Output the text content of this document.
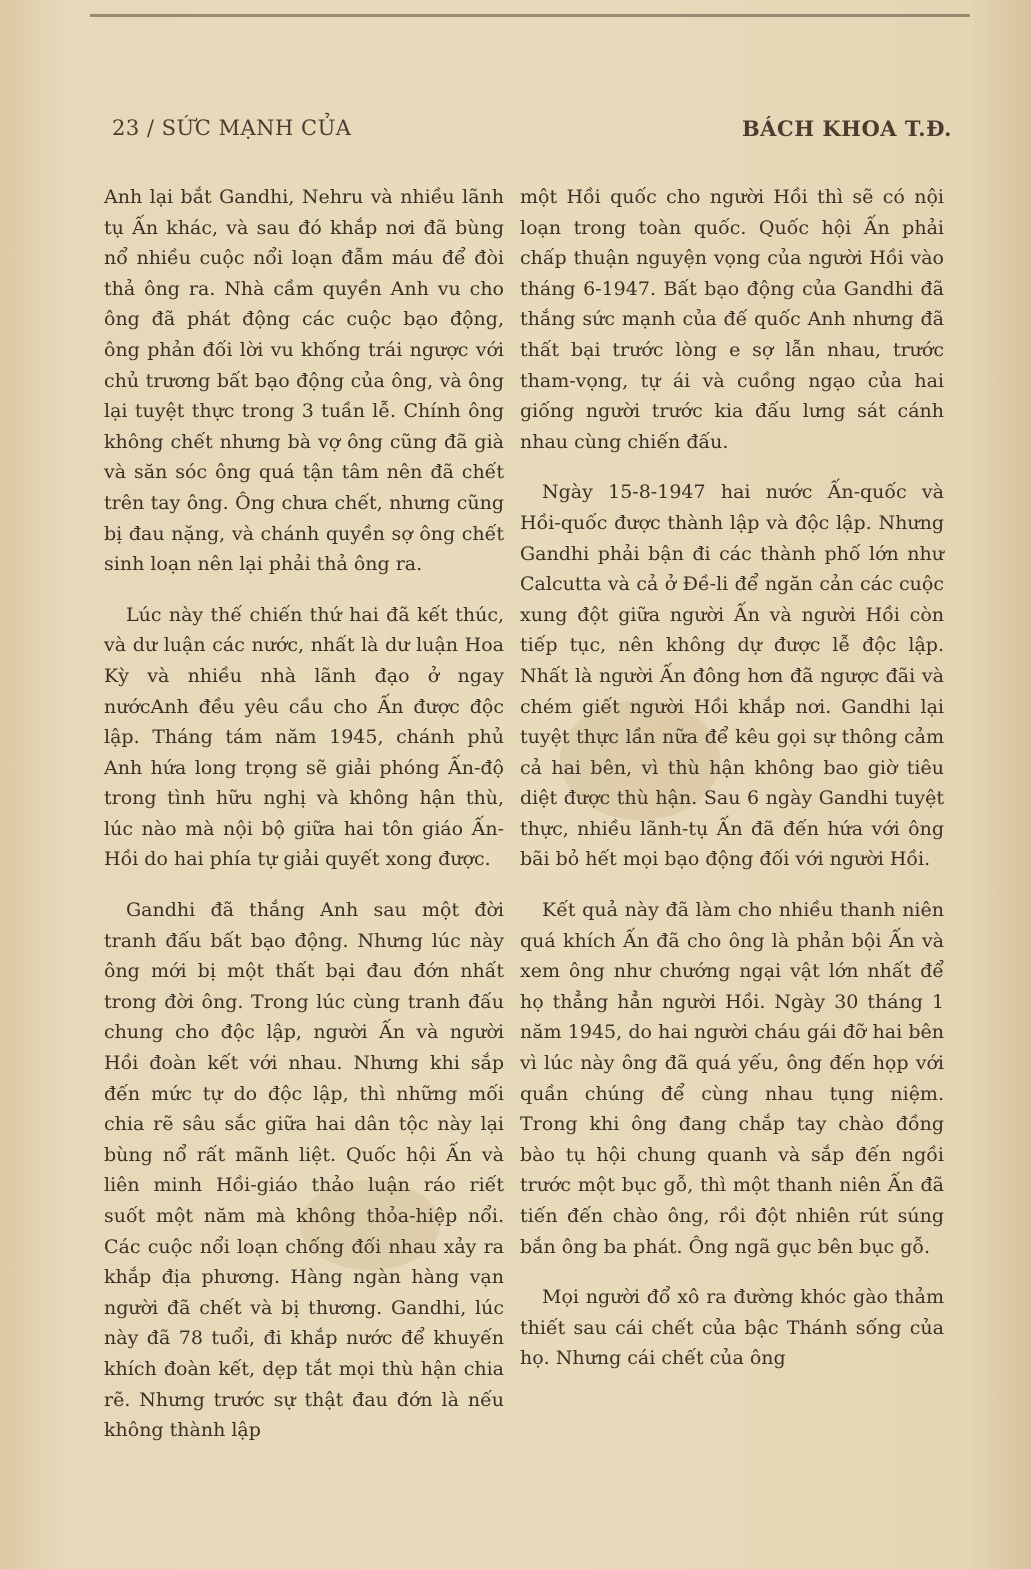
23 / SỨC MẠNH CỦA	BÁCH KHOA T.Đ.

Anh lại bắt Gandhi, Nehru và nhiều lãnh tụ Ấn khác, và sau đó khắp nơi đã bùng nổ nhiều cuộc nổi loạn đẫm máu để đòi thả ông ra. Nhà cầm quyền Anh vu cho ông đã phát động các cuộc bạo động, ông phản đối lời vu khống trái ngược với chủ trương bất bạo động của ông, và ông lại tuyệt thực trong 3 tuần lễ. Chính ông không chết nhưng bà vợ ông cũng đã già và săn sóc ông quá tận tâm nên đã chết trên tay ông. Ông chưa chết, nhưng cũng bị đau nặng, và chánh quyền sợ ông chết sinh loạn nên lại phải thả ông ra.

Lúc này thế chiến thứ hai đã kết thúc, và dư luận các nước, nhất là dư luận Hoa Kỳ và nhiều nhà lãnh đạo ở ngay nướcAnh đều yêu cầu cho Ấn được độc lập. Tháng tám năm 1945, chánh phủ Anh hứa long trọng sẽ giải phóng Ấn-độ trong tình hữu nghị và không hận thù, lúc nào mà nội bộ giữa hai tôn giáo Ấn-Hồi do hai phía tự giải quyết xong được.

Gandhi đã thắng Anh sau một đời tranh đấu bất bạo động. Nhưng lúc này ông mới bị một thất bại đau đớn nhất trong đời ông. Trong lúc cùng tranh đấu chung cho độc lập, người Ấn và người Hồi đoàn kết với nhau. Nhưng khi sắp đến mức tự do độc lập, thì những mối chia rẽ sâu sắc giữa hai dân tộc này lại bùng nổ rất mãnh liệt. Quốc hội Ấn và liên minh Hồi-giáo thảo luận ráo riết suốt một năm mà không thỏa-hiệp nổi. Các cuộc nổi loạn chống đối nhau xảy ra khắp địa phương. Hàng ngàn hàng vạn người đã chết và bị thương. Gandhi, lúc này đã 78 tuổi, đi khắp nước để khuyến khích đoàn kết, dẹp tắt mọi thù hận chia rẽ. Nhưng trước sự thật đau đớn là nếu không thành lập

một Hồi quốc cho người Hồi thì sẽ có nội loạn trong toàn quốc. Quốc hội Ấn phải chấp thuận nguyện vọng của người Hồi vào tháng 6-1947. Bất bạo động của Gandhi đã thắng sức mạnh của đế quốc Anh nhưng đã thất bại trước lòng e sợ lẫn nhau, trước tham-vọng, tự ái và cuồng ngạo của hai giống người trước kia đấu lưng sát cánh nhau cùng chiến đấu.

Ngày 15-8-1947 hai nước Ấn-quốc và Hồi-quốc được thành lập và độc lập. Nhưng Gandhi phải bận đi các thành phố lớn như Calcutta và cả ở Đề-li để ngăn cản các cuộc xung đột giữa người Ấn và người Hồi còn tiếp tục, nên không dự được lễ độc lập. Nhất là người Ấn đông hơn đã ngược đãi và chém giết người Hồi khắp nơi. Gandhi lại tuyệt thực lần nữa để kêu gọi sự thông cảm cả hai bên, vì thù hận không bao giờ tiêu diệt được thù hận. Sau 6 ngày Gandhi tuyệt thực, nhiều lãnh-tụ Ấn đã đến hứa với ông bãi bỏ hết mọi bạo động đối với người Hồi.

Kết quả này đã làm cho nhiều thanh niên quá khích Ấn đã cho ông là phản bội Ấn và xem ông như chướng ngại vật lớn nhất để họ thẳng hẳn người Hồi. Ngày 30 tháng 1 năm 1945, do hai người cháu gái đỡ hai bên vì lúc này ông đã quá yếu, ông đến họp với quần chúng để cùng nhau tụng niệm. Trong khi ông đang chắp tay chào đồng bào tụ hội chung quanh và sắp đến ngồi trước một bục gỗ, thì một thanh niên Ấn đã tiến đến chào ông, rồi đột nhiên rút súng bắn ông ba phát. Ông ngã gục bên bục gỗ.

Mọi người đổ xô ra đường khóc gào thảm thiết sau cái chết của bậc Thánh sống của họ. Nhưng cái chết của ông
